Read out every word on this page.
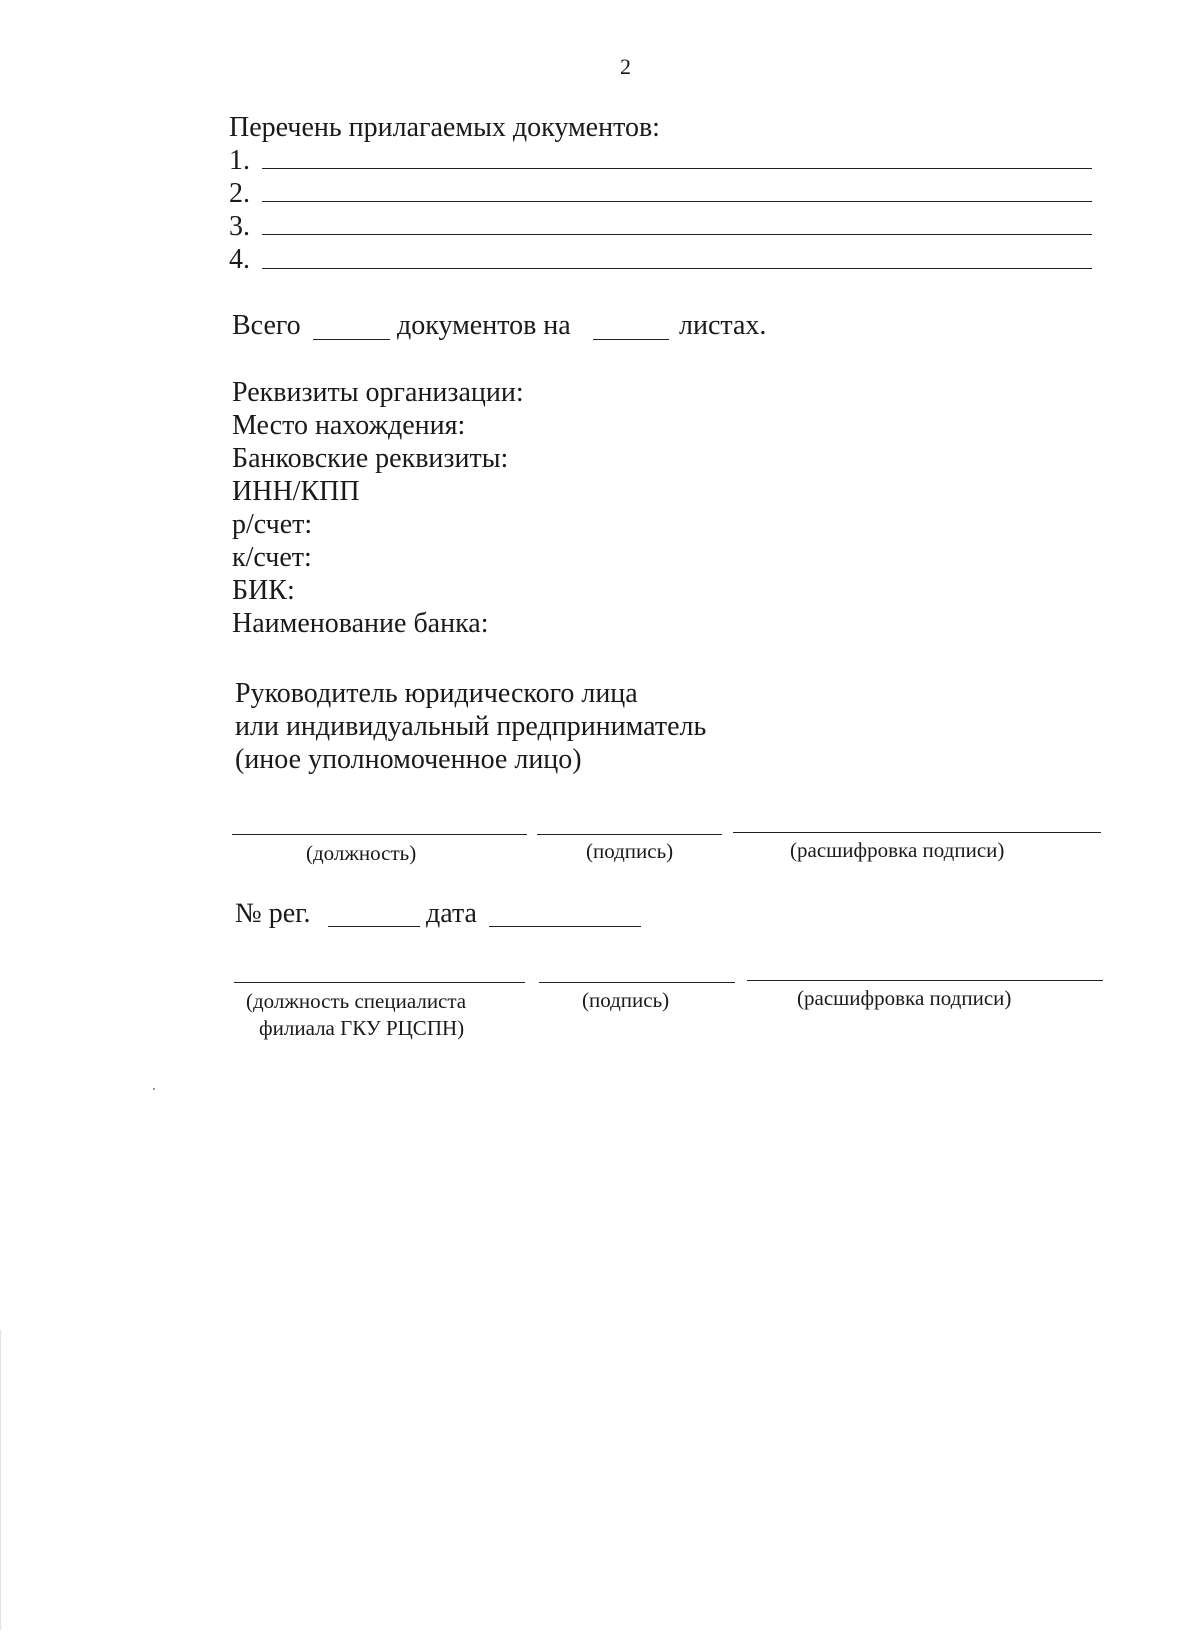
2
Перечень прилагаемых документов:
1.
2.
3.
4.
Всего	документов на	листах.
Реквизиты организации:
Место нахождения:
Банковские реквизиты:
ИНН/КПП
р/счет:
к/счет:
БИК:
Наименование банка:
Руководитель юридического лица
или индивидуальный предприниматель
(иное уполномоченное лицо)
(должность)	(подпись)	(расшифровка подписи)
№ рег.	дата
(должность специалиста
филиала ГКУ РЦСПН)
(подпись)	(расшифровка подписи)
